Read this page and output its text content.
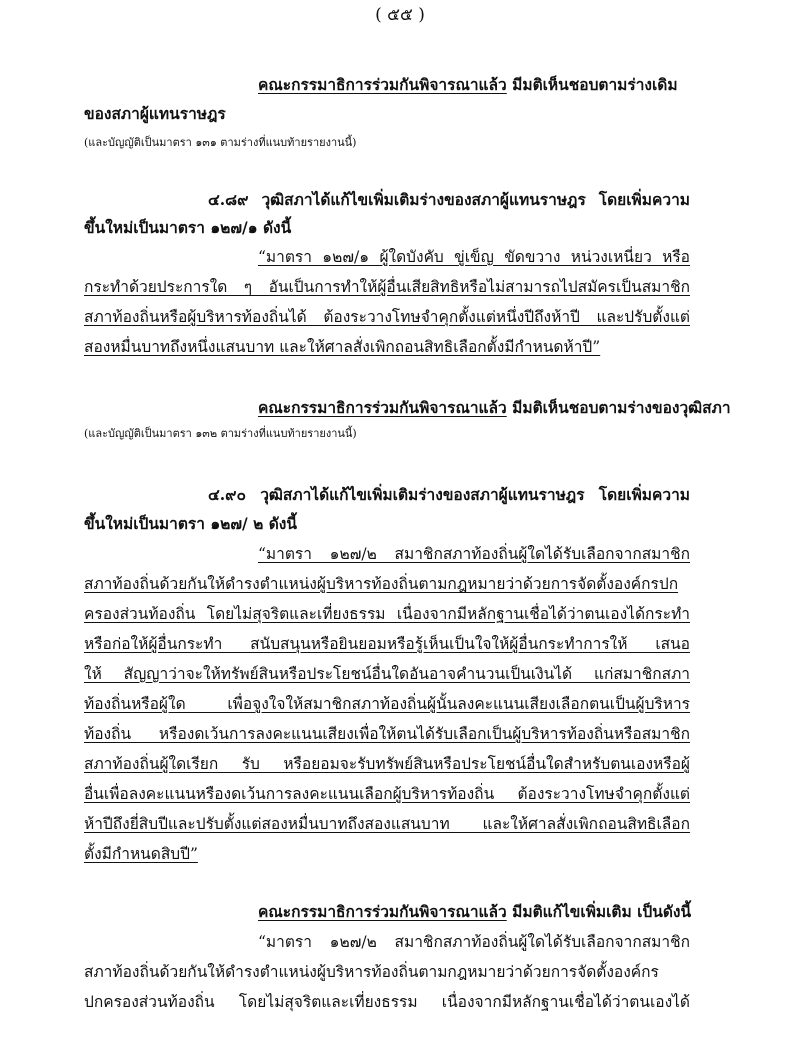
( ๕๕ )
คณะกรรมาธิการร่วมกันพิจารณาแล้ว มีมติเห็นชอบตามร่างเดิม
ของสภาผู้แทนราษฎร
(และบัญญัติเป็นมาตรา ๑๓๑ ตามร่างที่แนบท้ายรายงานนี้)
๔.๘๙ วุฒิสภาได้แก้ไขเพิ่มเติมร่างของสภาผู้แทนราษฎร โดยเพิ่มความ
ขึ้นใหม่เป็นมาตรา ๑๒๗/๑ ดังนี้
“มาตรา ๑๒๗/๑ ผู้ใดบังคับ ขู่เข็ญ ขัดขวาง หน่วงเหนี่ยว หรือ
กระทำด้วยประการใด ๆ อันเป็นการทำให้ผู้อื่นเสียสิทธิหรือไม่สามารถไปสมัครเป็นสมาชิก
สภาท้องถิ่นหรือผู้บริหารท้องถิ่นได้ ต้องระวางโทษจำคุกตั้งแต่หนึ่งปีถึงห้าปี และปรับตั้งแต่
สองหมื่นบาทถึงหนึ่งแสนบาท และให้ศาลสั่งเพิกถอนสิทธิเลือกตั้งมีกำหนดห้าปี”
คณะกรรมาธิการร่วมกันพิจารณาแล้ว มีมติเห็นชอบตามร่างของวุฒิสภา
(และบัญญัติเป็นมาตรา ๑๓๒ ตามร่างที่แนบท้ายรายงานนี้)
๔.๙๐ วุฒิสภาได้แก้ไขเพิ่มเติมร่างของสภาผู้แทนราษฎร โดยเพิ่มความ
ขึ้นใหม่เป็นมาตรา ๑๒๗/ ๒ ดังนี้
“มาตรา ๑๒๗/๒ สมาชิกสภาท้องถิ่นผู้ใดได้รับเลือกจากสมาชิก
สภาท้องถิ่นด้วยกันให้ดำรงตำแหน่งผู้บริหารท้องถิ่นตามกฎหมายว่าด้วยการจัดตั้งองค์กรปก
ครองส่วนท้องถิ่น โดยไม่สุจริตและเที่ยงธรรม เนื่องจากมีหลักฐานเชื่อได้ว่าตนเองได้กระทำ
หรือก่อให้ผู้อื่นกระทำ สนับสนุนหรือยินยอมหรือรู้เห็นเป็นใจให้ผู้อื่นกระทำการให้ เสนอ
ให้ สัญญาว่าจะให้ทรัพย์สินหรือประโยชน์อื่นใดอันอาจคำนวนเป็นเงินได้ แก่สมาชิกสภา
ท้องถิ่นหรือผู้ใด เพื่อจูงใจให้สมาชิกสภาท้องถิ่นผู้นั้นลงคะแนนเสียงเลือกตนเป็นผู้บริหาร
ท้องถิ่น หรืองดเว้นการลงคะแนนเสียงเพื่อให้ตนได้รับเลือกเป็นผู้บริหารท้องถิ่นหรือสมาชิก
สภาท้องถิ่นผู้ใดเรียก รับ หรือยอมจะรับทรัพย์สินหรือประโยชน์อื่นใดสำหรับตนเองหรือผู้
อื่นเพื่อลงคะแนนหรืองดเว้นการลงคะแนนเลือกผู้บริหารท้องถิ่น ต้องระวางโทษจำคุกตั้งแต่
ห้าปีถึงยี่สิบปีและปรับตั้งแต่สองหมื่นบาทถึงสองแสนบาท และให้ศาลสั่งเพิกถอนสิทธิเลือก
ตั้งมีกำหนดสิบปี”
คณะกรรมาธิการร่วมกันพิจารณาแล้ว มีมติแก้ไขเพิ่มเติม เป็นดังนี้
“มาตรา ๑๒๗/๒ สมาชิกสภาท้องถิ่นผู้ใดได้รับเลือกจากสมาชิก
สภาท้องถิ่นด้วยกันให้ดำรงตำแหน่งผู้บริหารท้องถิ่นตามกฎหมายว่าด้วยการจัดตั้งองค์กร
ปกครองส่วนท้องถิ่น โดยไม่สุจริตและเที่ยงธรรม เนื่องจากมีหลักฐานเชื่อได้ว่าตนเองได้
